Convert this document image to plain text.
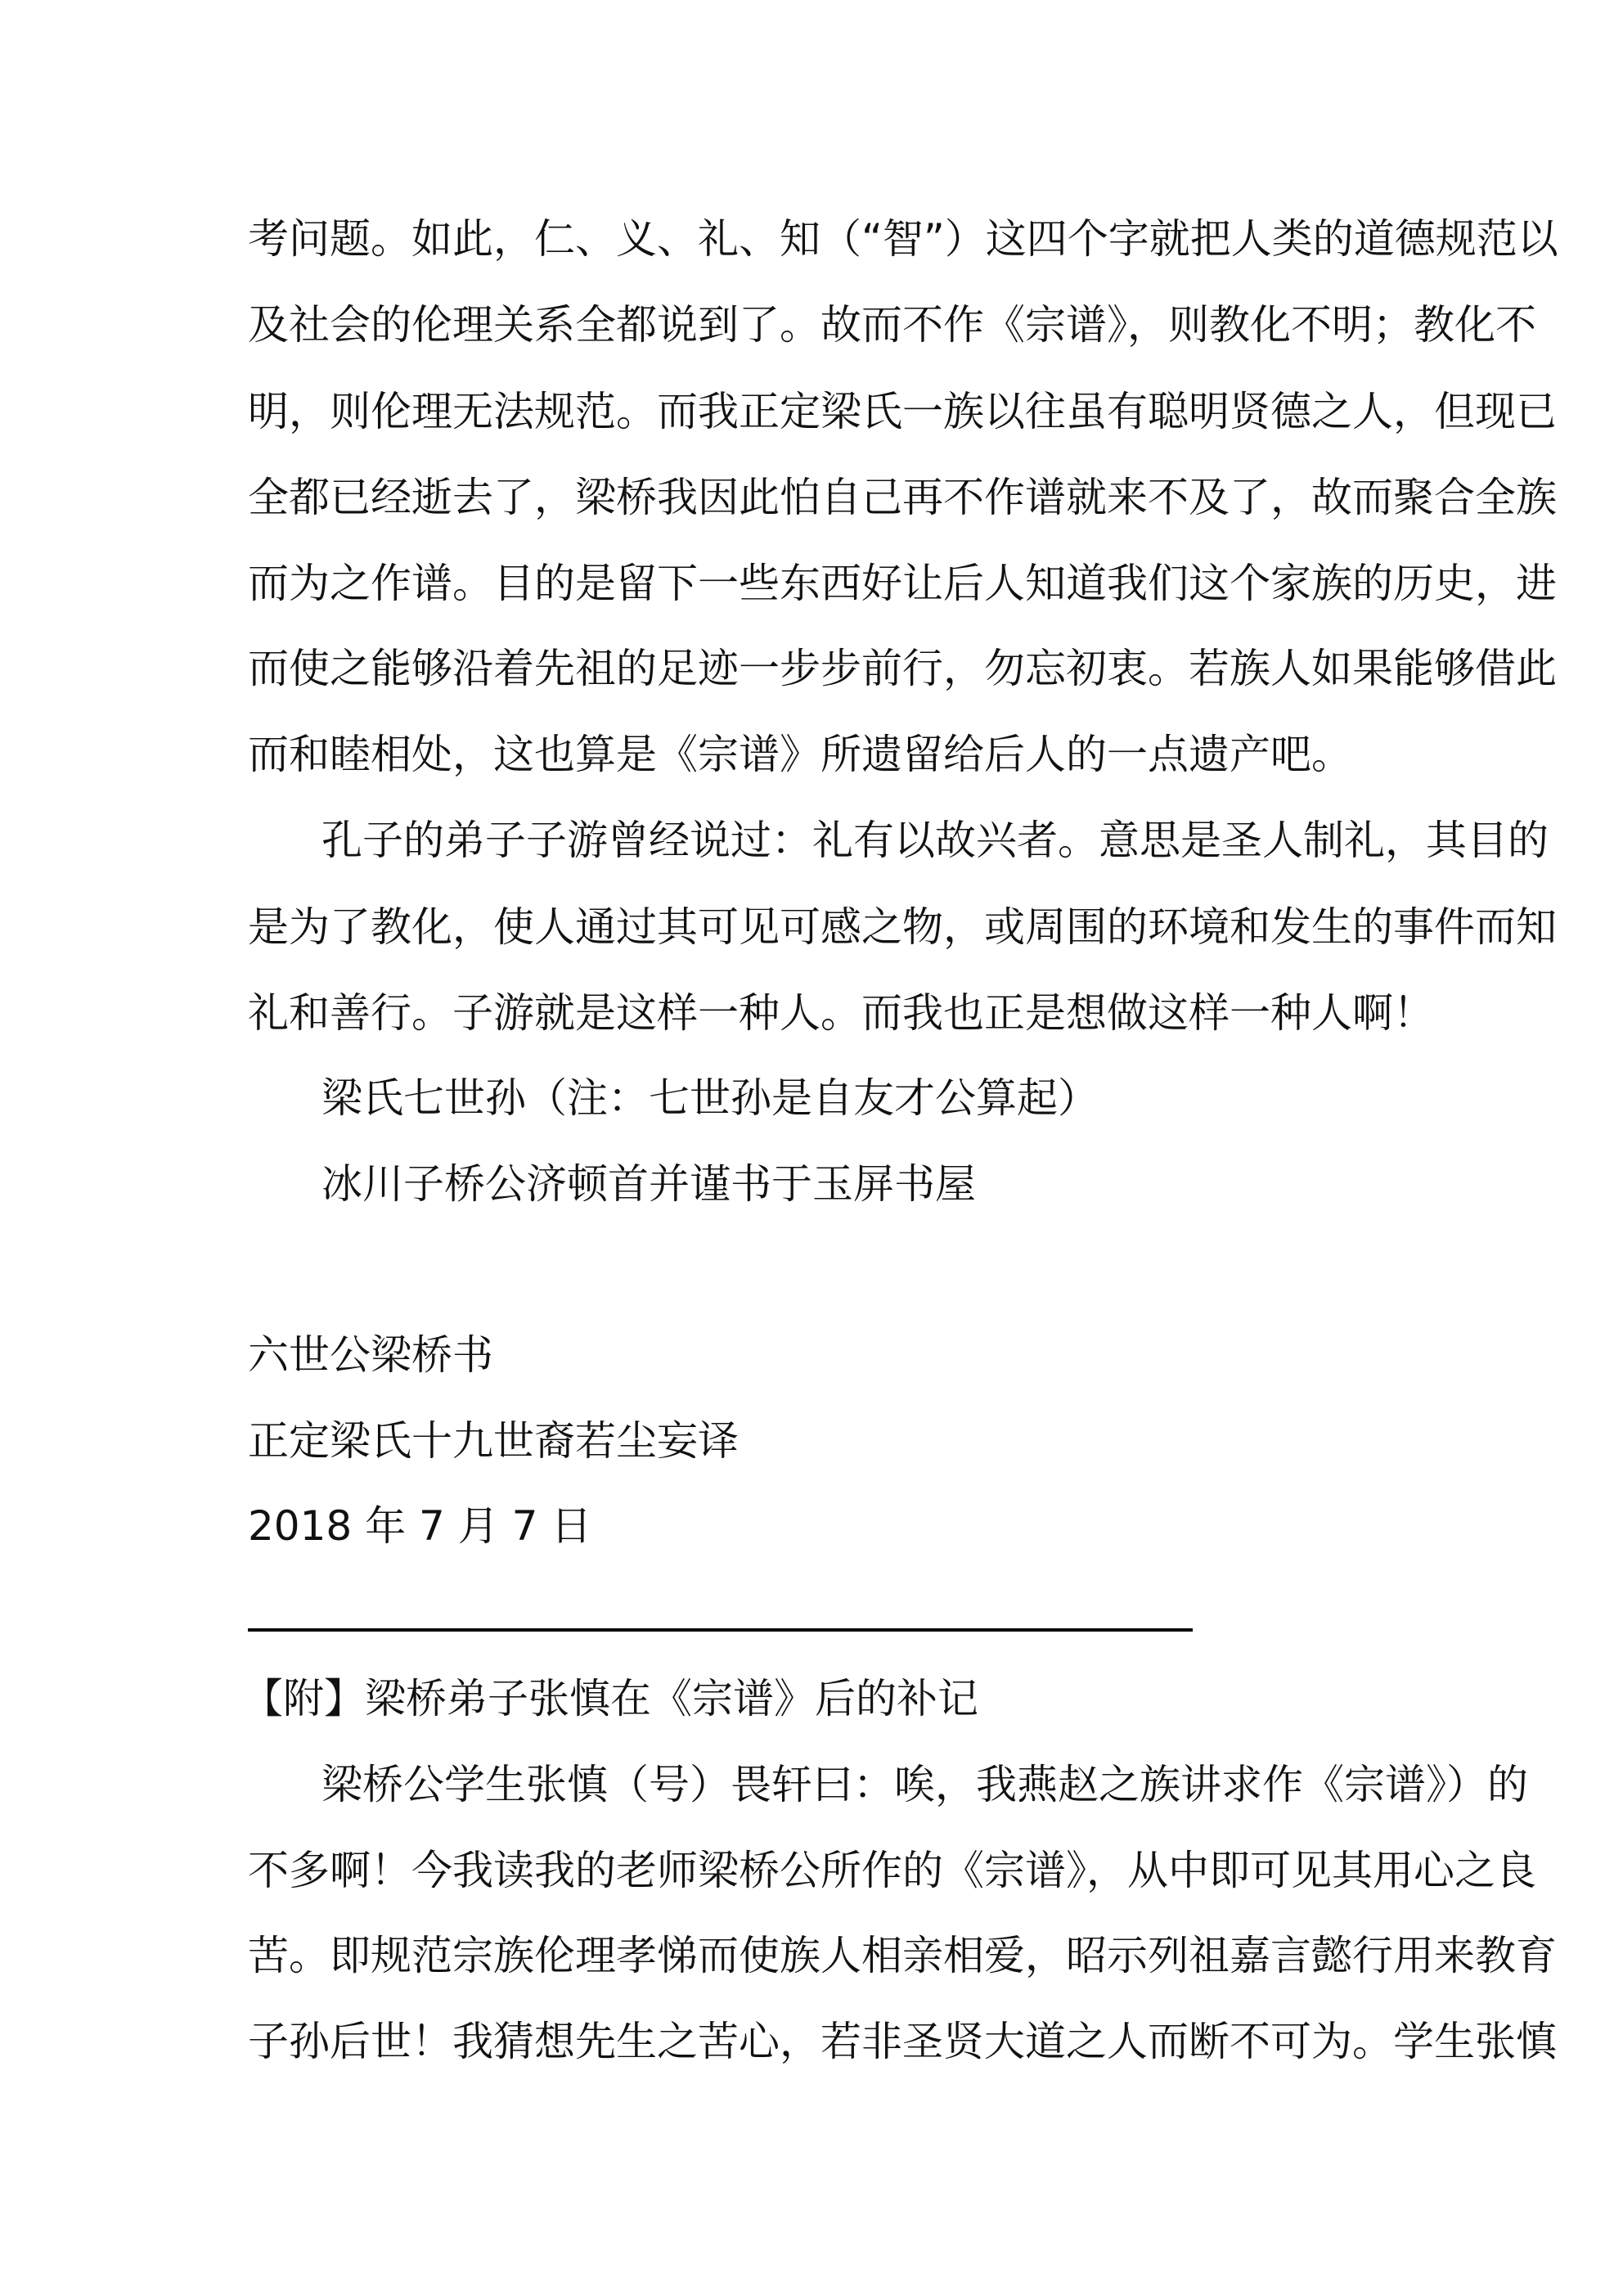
考问题。如此，仁、义、礼、知（“智”）这四个字就把人类的道德规范以
及社会的伦理关系全都说到了。故而不作《宗谱》，则教化不明；教化不
明，则伦理无法规范。而我正定梁氏一族以往虽有聪明贤德之人，但现已
全都已经逝去了，梁桥我因此怕自己再不作谱就来不及了，故而聚合全族
而为之作谱。目的是留下一些东西好让后人知道我们这个家族的历史，进
而使之能够沿着先祖的足迹一步步前行，勿忘初衷。若族人如果能够借此
而和睦相处，这也算是《宗谱》所遗留给后人的一点遗产吧。
孔子的弟子子游曾经说过：礼有以故兴者。意思是圣人制礼，其目的
是为了教化，使人通过其可见可感之物，或周围的环境和发生的事件而知
礼和善行。子游就是这样一种人。而我也正是想做这样一种人啊！
梁氏七世孙（注：七世孙是自友才公算起）
冰川子桥公济顿首并谨书于玉屏书屋
六世公梁桥书
正定梁氏十九世裔若尘妄译
2018 年 7 月 7 日
【附】梁桥弟子张慎在《宗谱》后的补记
梁桥公学生张慎（号）畏轩曰：唉，我燕赵之族讲求作《宗谱》）的
不多啊！今我读我的老师梁桥公所作的《宗谱》，从中即可见其用心之良
苦。即规范宗族伦理孝悌而使族人相亲相爱，昭示列祖嘉言懿行用来教育
子孙后世！我猜想先生之苦心，若非圣贤大道之人而断不可为。学生张慎
